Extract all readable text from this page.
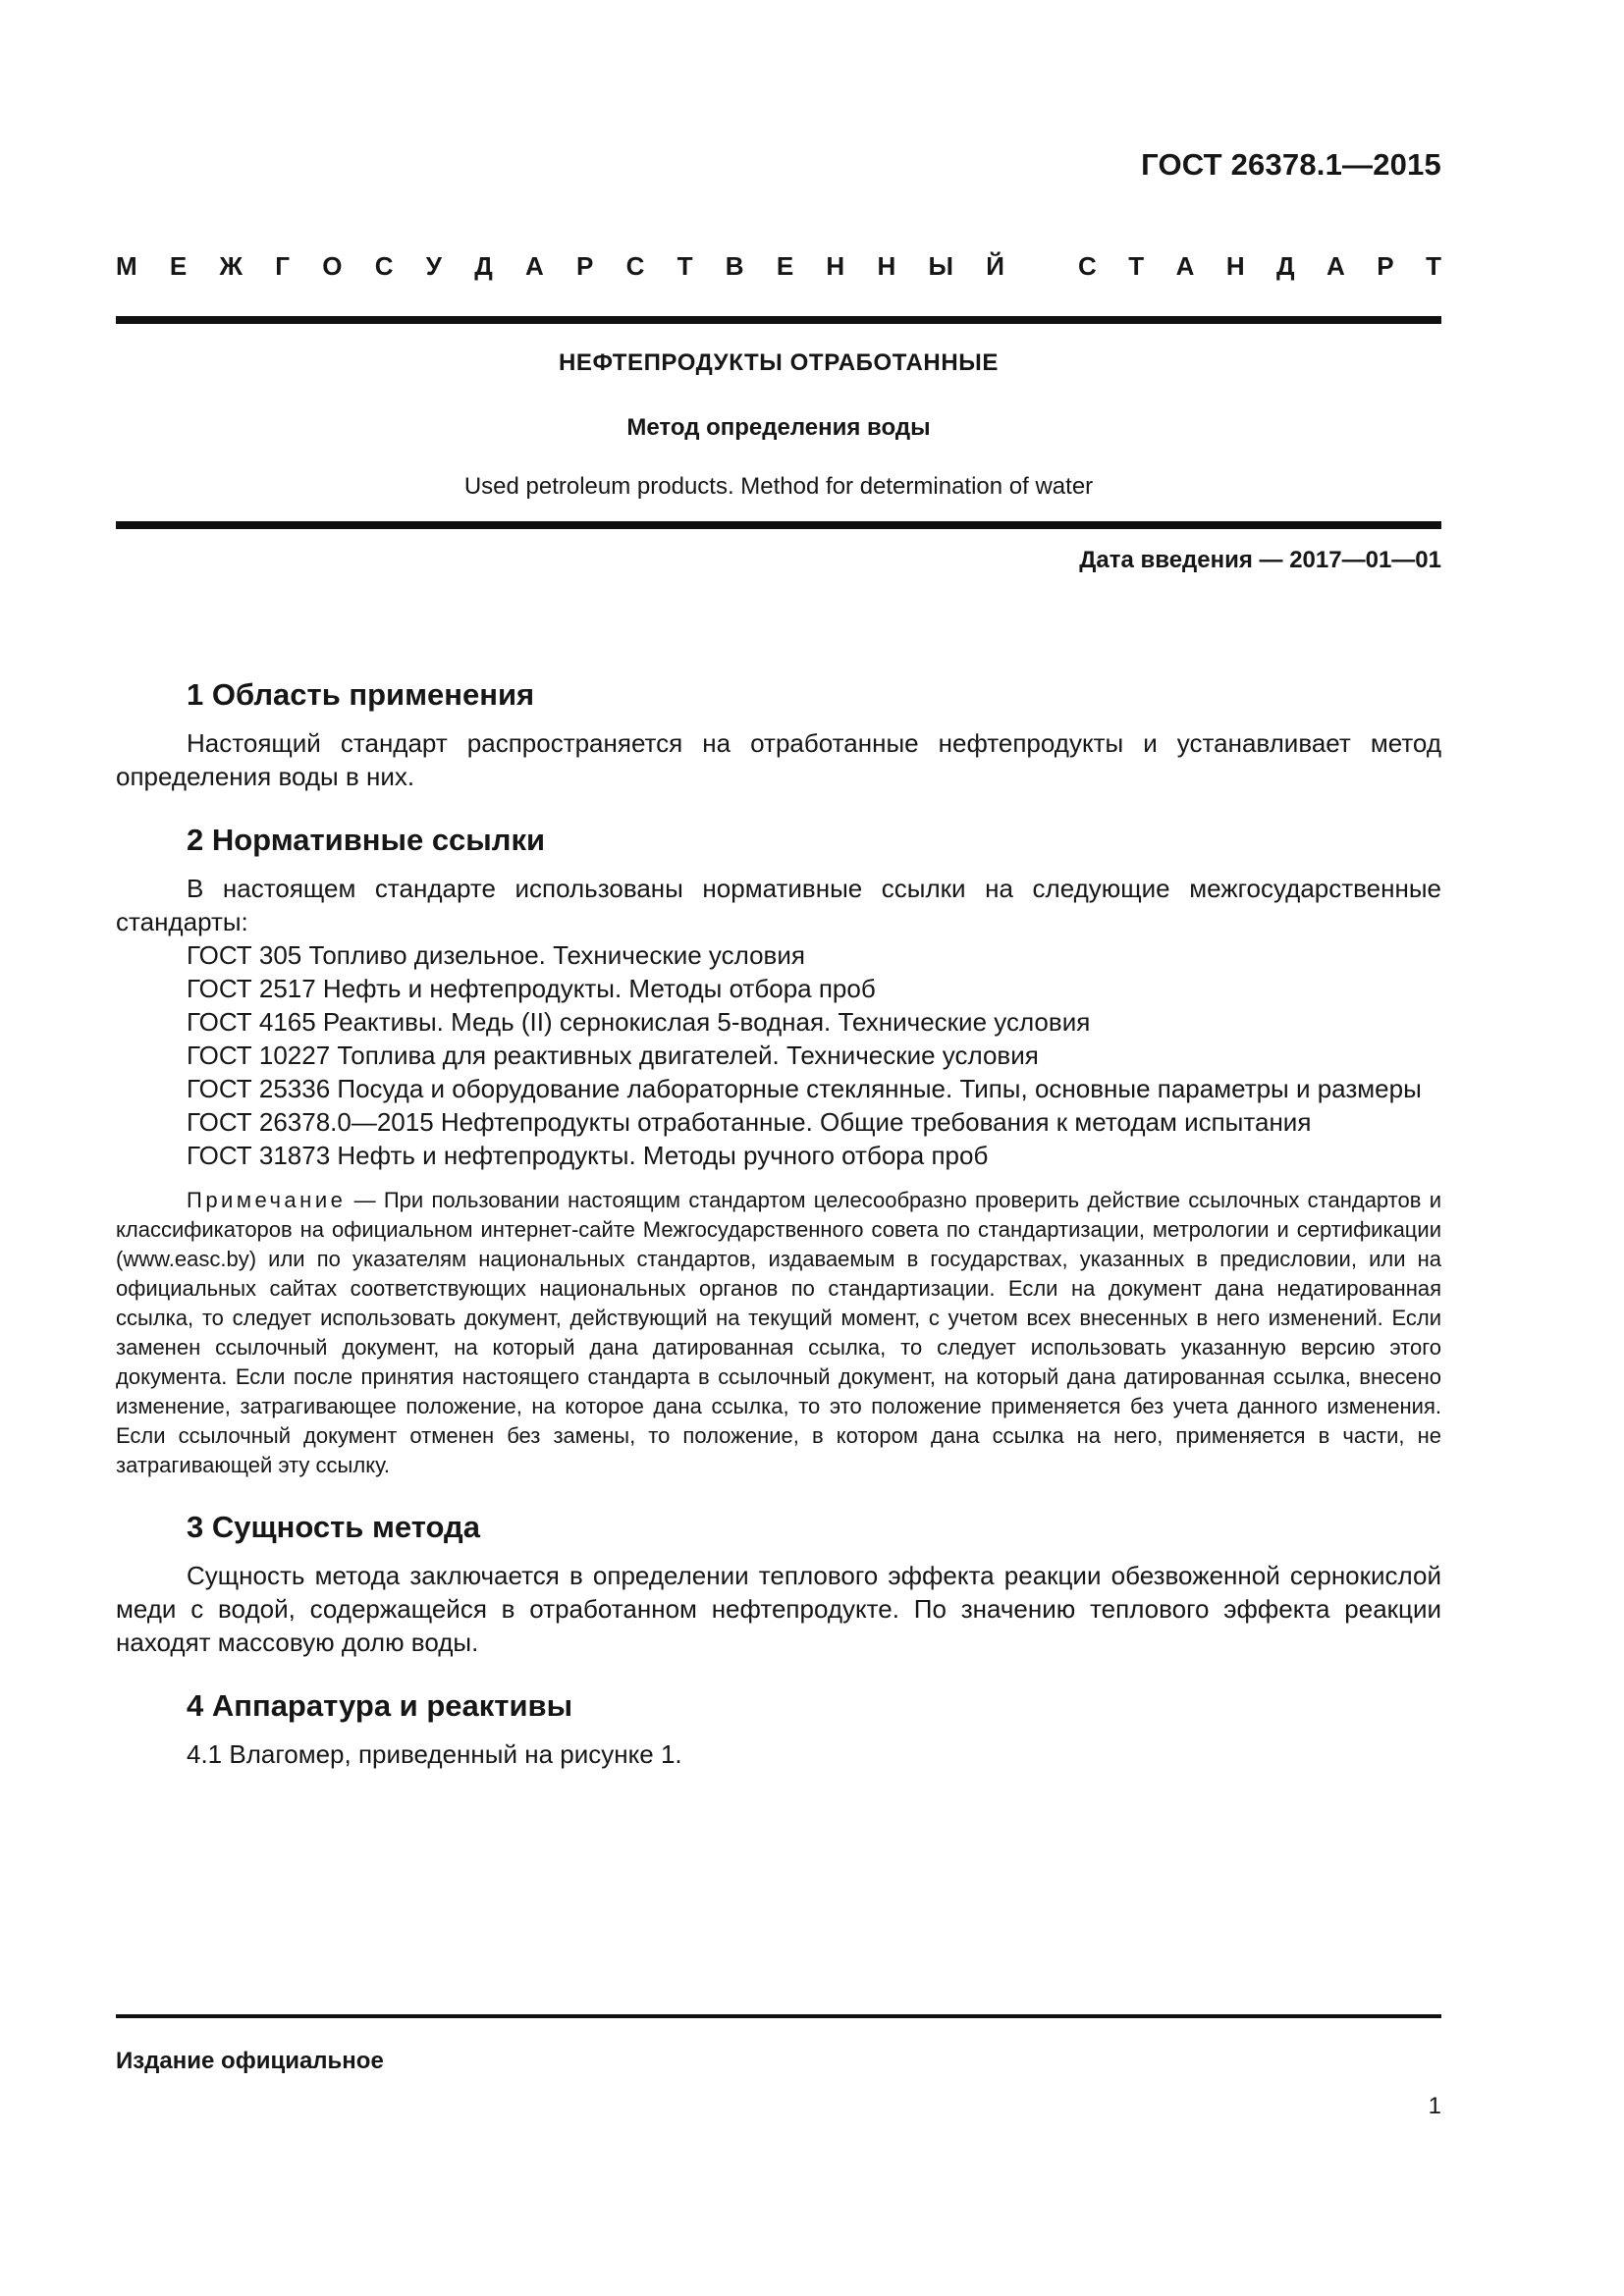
ГОСТ 26378.1—2015
М Е Ж Г О С У Д А Р С Т В Е Н Н Ы Й	С Т А Н Д А Р Т
НЕФТЕПРОДУКТЫ ОТРАБОТАННЫЕ
Метод определения воды
Used petroleum products. Method for determination of water
Дата введения — 2017—01—01
1 Область применения

Настоящий стандарт распространяется на отработанные нефтепродукты и устанавливает метод определения воды в них.

2 Нормативные ссылки

В настоящем стандарте использованы нормативные ссылки на следующие межгосударственные стандарты:

ГОСТ 305 Топливо дизельное. Технические условия
ГОСТ 2517 Нефть и нефтепродукты. Методы отбора проб
ГОСТ 4165 Реактивы. Медь (II) сернокислая 5-водная. Технические условия
ГОСТ 10227 Топлива для реактивных двигателей. Технические условия
ГОСТ 25336 Посуда и оборудование лабораторные стеклянные. Типы, основные параметры и размеры
ГОСТ 26378.0—2015 Нефтепродукты отработанные. Общие требования к методам испытания
ГОСТ 31873 Нефть и нефтепродукты. Методы ручного отбора проб
Примечание — При пользовании настоящим стандартом целесообразно проверить действие ссылочных стандартов и классификаторов на официальном интернет-сайте Межгосударственного совета по стандартизации, метрологии и сертификации (www.easc.by) или по указателям национальных стандартов, издаваемым в государствах, указанных в предисловии, или на официальных сайтах соответствующих национальных органов по стандартизации. Если на документ дана недатированная ссылка, то следует использовать документ, действующий на текущий момент, с учетом всех внесенных в него изменений. Если заменен ссылочный документ, на который дана датированная ссылка, то следует использовать указанную версию этого документа. Если после принятия настоящего стандарта в ссылочный документ, на который дана датированная ссылка, внесено изменение, затрагивающее положение, на которое дана ссылка, то это положение применяется без учета данного изменения. Если ссылочный документ отменен без замены, то положение, в котором дана ссылка на него, применяется в части, не затрагивающей эту ссылку.
3 Сущность метода

Сущность метода заключается в определении теплового эффекта реакции обезвоженной сернокислой меди с водой, содержащейся в отработанном нефтепродукте. По значению теплового эффекта реакции находят массовую долю воды.

4 Аппаратура и реактивы

4.1 Влагомер, приведенный на рисунке 1.

Издание официальное
1
